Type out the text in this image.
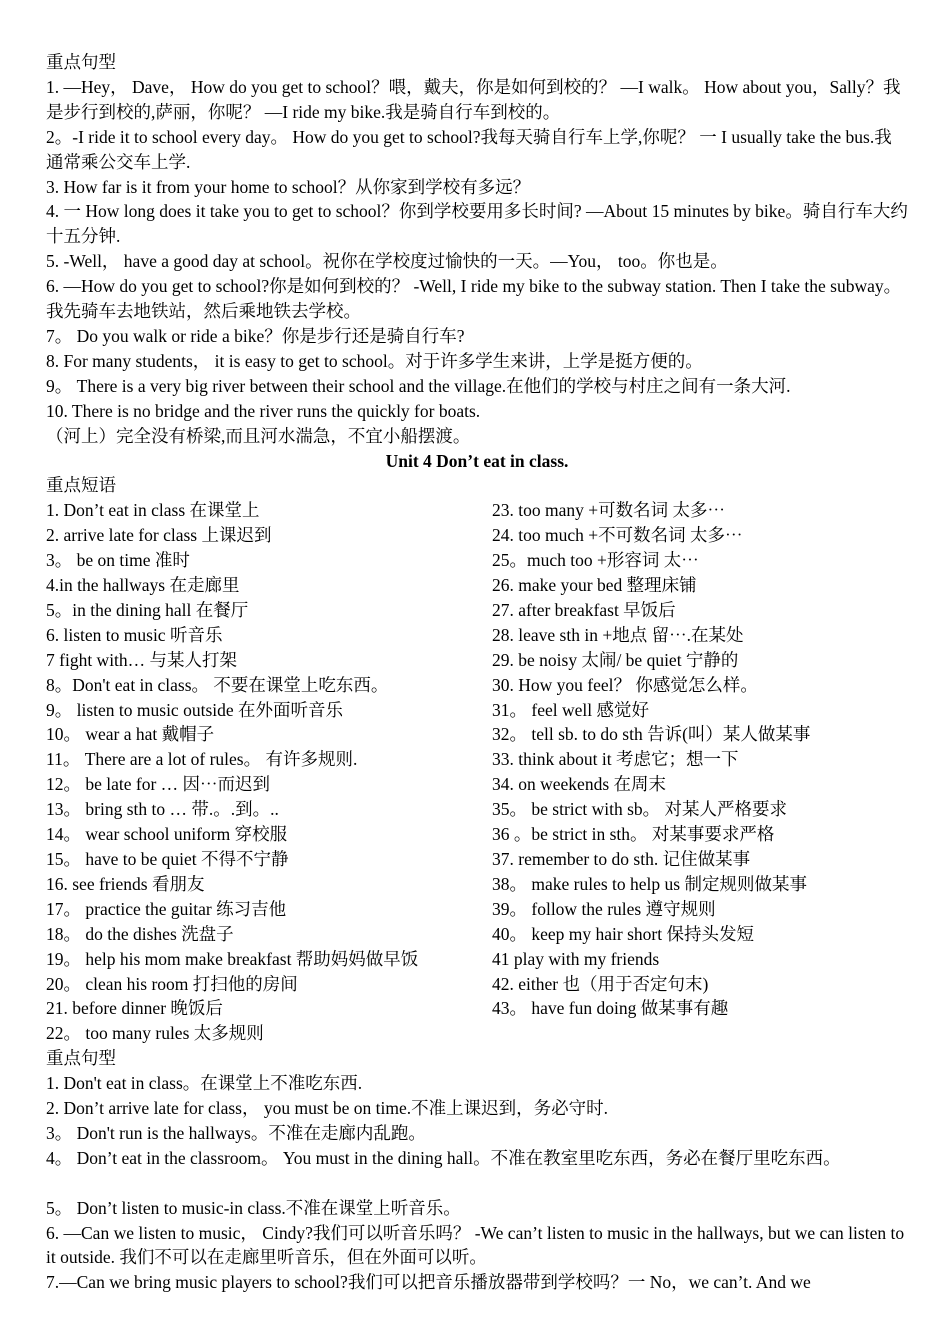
重点句型
1. —Hey， Dave， How do you get to school？喂，戴夫，你是如何到校的？ —I walk。 How about you，Sally？我是步行到校的,萨丽，你呢？ —I ride my bike.我是骑自行车到校的。
2。-I ride it to school every day。 How do you get to school?我每天骑自行车上学,你呢？ 一 I usually take the bus.我通常乘公交车上学.
3. How far is it from your home to school？从你家到学校有多远？
4. 一 How long does it take you to get to school？你到学校要用多长时间? —About 15 minutes by bike。骑自行车大约十五分钟.
5. -Well， have a good day at school。祝你在学校度过愉快的一天。—You， too。你也是。
6. —How do you get to school?你是如何到校的？ -Well, I ride my bike to the subway station. Then I take the subway。我先骑车去地铁站，然后乘地铁去学校。
7。 Do you walk or ride a bike？你是步行还是骑自行车?
8. For many students， it is easy to get to school。对于许多学生来讲，上学是挺方便的。
9。 There is a very big river between their school and the village.在他们的学校与村庄之间有一条大河.
10. There is no bridge and the river runs the quickly for boats.
（河上）完全没有桥梁,而且河水湍急，不宜小船摆渡。
Unit 4 Don’t eat in class.
重点短语
1. Don’t eat in class 在课堂上
2. arrive late for class 上课迟到
3。 be on time 准时
4.in the hallways 在走廊里
5。in the dining hall 在餐厅
6. listen to music 听音乐
7 fight with… 与某人打架
8。Don't eat in class。 不要在课堂上吃东西。
9。 listen to music outside 在外面听音乐
10。 wear a hat 戴帽子
11。 There are a lot of rules。 有许多规则.
12。 be late for … 因⋯而迟到
13。 bring sth to … 带.。.到。..
14。 wear school uniform 穿校服
15。 have to be quiet 不得不宁静
16. see friends 看朋友
17。 practice the guitar 练习吉他
18。 do the dishes 洗盘子
19。 help his mom make breakfast 帮助妈妈做早饭
20。 clean his room 打扫他的房间
21. before dinner 晚饭后
22。 too many rules 太多规则
23. too many +可数名词 太多⋯
24. too much +不可数名词 太多⋯
25。much too +形容词 太⋯
26. make your bed 整理床铺
27. after breakfast 早饭后
28. leave sth in +地点 留⋯.在某处
29. be noisy 太闹/ be quiet 宁静的
30. How you feel？ 你感觉怎么样。
31。 feel well 感觉好
32。 tell sb. to do sth 告诉(叫）某人做某事
33. think about it 考虑它；想一下
34. on weekends 在周末
35。 be strict with sb。 对某人严格要求
36 。be strict in sth。 对某事要求严格
37. remember to do sth. 记住做某事
38。 make rules to help us 制定规则做某事
39。 follow the rules 遵守规则
40。 keep my hair short 保持头发短
41 play with my friends
42. either 也（用于否定句末)
43。 have fun doing 做某事有趣
重点句型
1. Don't eat in class。在课堂上不准吃东西.
2. Don’t arrive late for class， you must be on time.不准上课迟到，务必守时.
3。 Don't run is the hallways。不准在走廊内乱跑。
4。 Don’t eat in the classroom。 You must in the dining hall。不准在教室里吃东西，务必在餐厅里吃东西。
5。 Don’t listen to music-in class.不准在课堂上听音乐。
6. —Can we listen to music， Cindy?我们可以听音乐吗？ -We can’t listen to music in the hallways, but we can listen to it outside. 我们不可以在走廊里听音乐，但在外面可以听。
7.—Can we bring music players to school?我们可以把音乐播放器带到学校吗？一 No，we can’t. And we
